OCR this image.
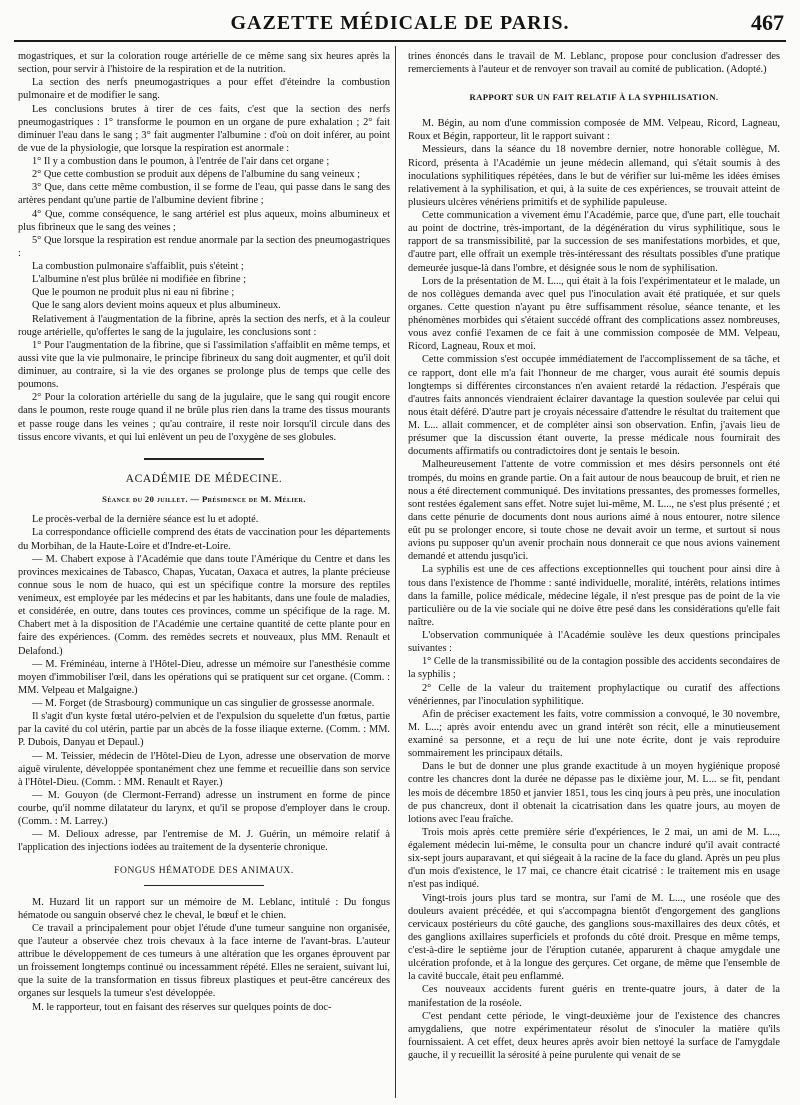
GAZETTE MÉDICALE DE PARIS.	467

mogastriques, et sur la coloration rouge artérielle de ce même sang six heures après la section, pour servir à l'histoire de la respiration et de la nutrition.

La section des nerfs pneumogastriques a pour effet d'éteindre la combustion pulmonaire et de modifier le sang.

Les conclusions brutes à tirer de ces faits, c'est que la section des nerfs pneumogastriques : 1° transforme le poumon en un organe de pure exhalation ; 2° fait diminuer l'eau dans le sang ; 3° fait augmenter l'albumine : d'où on doit inférer, au point de vue de la physiologie, que lorsque la respiration est anormale :

1° Il y a combustion dans le poumon, à l'entrée de l'air dans cet organe ;

2° Que cette combustion se produit aux dépens de l'albumine du sang veineux ;

3° Que, dans cette même combustion, il se forme de l'eau, qui passe dans le sang des artères pendant qu'une partie de l'albumine devient fibrine ;

4° Que, comme conséquence, le sang artériel est plus aqueux, moins albumineux et plus fibrineux que le sang des veines ;

5° Que lorsque la respiration est rendue anormale par la section des pneumogastriques :

La combustion pulmonaire s'affaiblit, puis s'éteint ;

L'albumine n'est plus brûlée ni modifiée en fibrine ;

Que le poumon ne produit plus ni eau ni fibrine ;

Que le sang alors devient moins aqueux et plus albumineux.

Relativement à l'augmentation de la fibrine, après la section des nerfs, et à la couleur rouge artérielle, qu'offertes le sang de la jugulaire, les conclusions sont :

1° Pour l'augmentation de la fibrine, que si l'assimilation s'affaiblit en même temps, et aussi vite que la vie pulmonaire, le principe fibrineux du sang doit augmenter, et qu'il doit diminuer, au contraire, si la vie des organes se prolonge plus de temps que celle des poumons.

2° Pour la coloration artérielle du sang de la jugulaire, que le sang qui rougit encore dans le poumon, reste rouge quand il ne brûle plus rien dans la trame des tissus mourants et passe rouge dans les veines ; qu'au contraire, il reste noir lorsqu'il circule dans des tissus encore vivants, et qui lui enlèvent un peu de l'oxygène de ses globules.

ACADÉMIE DE MÉDECINE.
Séance du 20 juillet. — Présidence de M. Mélier.

Le procès-verbal de la dernière séance est lu et adopté.

La correspondance officielle comprend des états de vaccination pour les départements du Morbihan, de la Haute-Loire et d'Indre-et-Loire.

— M. Chabert expose à l'Académie que dans toute l'Amérique du Centre et dans les provinces mexicaines de Tabasco, Chapas, Yucatan, Oaxaca et autres, la plante précieuse connue sous le nom de huaco, qui est un spécifique contre la morsure des reptiles venimeux, est employée par les médecins et par les habitants, dans une foule de maladies, et considérée, en outre, dans toutes ces provinces, comme un spécifique de la rage. M. Chabert met à la disposition de l'Académie une certaine quantité de cette plante pour en faire des expériences. (Comm. des remèdes secrets et nouveaux, plus MM. Renault et Delafond.)

— M. Fréminéau, interne à l'Hôtel-Dieu, adresse un mémoire sur l'anesthésie comme moyen d'immobiliser l'œil, dans les opérations qui se pratiquent sur cet organe. (Comm. : MM. Velpeau et Malgaigne.)

— M. Forget (de Strasbourg) communique un cas singulier de grossesse anormale.

Il s'agit d'un kyste fœtal utéro-pelvien et de l'expulsion du squelette d'un fœtus, partie par la cavité du col utérin, partie par un abcès de la fosse iliaque externe. (Comm. : MM. P. Dubois, Danyau et Depaul.)

— M. Teissier, médecin de l'Hôtel-Dieu de Lyon, adresse une observation de morve aiguë virulente, développée spontanément chez une femme et recueillie dans son service à l'Hôtel-Dieu. (Comm. : MM. Renault et Rayer.)

— M. Gouyon (de Clermont-Ferrand) adresse un instrument en forme de pince courbe, qu'il nomme dilatateur du larynx, et qu'il se propose d'employer dans le croup. (Comm. : M. Larrey.)

— M. Delioux adresse, par l'entremise de M. J. Guérin, un mémoire relatif à l'application des injections iodées au traitement de la dysenterie chronique.

FONGUS HÉMATODE DES ANIMAUX.

M. Huzard lit un rapport sur un mémoire de M. Leblanc, intitulé : Du fongus hématode ou sanguin observé chez le cheval, le bœuf et le chien.

Ce travail a principalement pour objet l'étude d'une tumeur sanguine non organisée, que l'auteur a observée chez trois chevaux à la face interne de l'avant-bras. L'auteur attribue le développement de ces tumeurs à une altération que les organes éprouvent par un froissement longtemps continué ou incessamment répété. Elles ne seraient, suivant lui, que la suite de la transformation en tissus fibreux plastiques et peut-être cancéreux des organes sur lesquels la tumeur s'est développée.

M. le rapporteur, tout en faisant des réserves sur quelques points de doc-

trines énoncés dans le travail de M. Leblanc, propose pour conclusion d'adresser des remerciements à l'auteur et de renvoyer son travail au comité de publication. (Adopté.)

RAPPORT SUR UN FAIT RELATIF À LA SYPHILISATION.

M. Bégin, au nom d'une commission composée de MM. Velpeau, Ricord, Lagneau, Roux et Bégin, rapporteur, lit le rapport suivant :

Messieurs, dans la séance du 18 novembre dernier, notre honorable collègue, M. Ricord, présenta à l'Académie un jeune médecin allemand, qui s'était soumis à des inoculations syphilitiques répétées, dans le but de vérifier sur lui-même les idées émises relativement à la syphilisation, et qui, à la suite de ces expériences, se trouvait atteint de plusieurs ulcères vénériens primitifs et de syphilide papuleuse.

Cette communication a vivement ému l'Académie, parce que, d'une part, elle touchait au point de doctrine, très-important, de la dégénération du virus syphilitique, sous le rapport de sa transmissibilité, par la succession de ses manifestations morbides, et que, d'autre part, elle offrait un exemple très-intéressant des résultats possibles d'une pratique demeurée jusque-là dans l'ombre, et désignée sous le nom de syphilisation.

Lors de la présentation de M. L..., qui était à la fois l'expérimentateur et le malade, un de nos collègues demanda avec quel pus l'inoculation avait été pratiquée, et sur quels organes. Cette question n'ayant pu être suffisamment résolue, séance tenante, et les phénomènes morbides qui s'étaient succédé offrant des complications assez nombreuses, vous avez confié l'examen de ce fait à une commission composée de MM. Velpeau, Ricord, Lagneau, Roux et moi.

Cette commission s'est occupée immédiatement de l'accomplissement de sa tâche, et ce rapport, dont elle m'a fait l'honneur de me charger, vous aurait été soumis depuis longtemps si différentes circonstances n'en avaient retardé la rédaction. J'espérais que d'autres faits annoncés viendraient éclairer davantage la question soulevée par celui qui nous était déféré. D'autre part je croyais nécessaire d'attendre le résultat du traitement que M. L... allait commencer, et de compléter ainsi son observation. Enfin, j'avais lieu de présumer que la discussion étant ouverte, la presse médicale nous fournirait des documents affirmatifs ou contradictoires dont je sentais le besoin.

Malheureusement l'attente de votre commission et mes désirs personnels ont été trompés, du moins en grande partie. On a fait autour de nous beaucoup de bruit, et rien ne nous a été directement communiqué. Des invitations pressantes, des promesses formelles, sont restées également sans effet. Notre sujet lui-même, M. L..., ne s'est plus présenté ; et dans cette pénurie de documents dont nous aurions aimé à nous entourer, notre silence eût pu se prolonger encore, si toute chose ne devait avoir un terme, et surtout si nous avions pu supposer qu'un avenir prochain nous donnerait ce que nous avions vainement demandé et attendu jusqu'ici.

La syphilis est une de ces affections exceptionnelles qui touchent pour ainsi dire à tous dans l'existence de l'homme : santé individuelle, moralité, intérêts, relations intimes dans la famille, police médicale, médecine légale, il n'est presque pas de point de la vie particulière ou de la vie sociale qui ne doive être pesé dans les considérations qu'elle fait naître.

L'observation communiquée à l'Académie soulève les deux questions principales suivantes :

1° Celle de la transmissibilité ou de la contagion possible des accidents secondaires de la syphilis ;

2° Celle de la valeur du traitement prophylactique ou curatif des affections vénériennes, par l'inoculation syphilitique.

Afin de préciser exactement les faits, votre commission a convoqué, le 30 novembre, M. L...; après avoir entendu avec un grand intérêt son récit, elle a minutieusement examiné sa personne, et a reçu de lui une note écrite, dont je vais reproduire sommairement les principaux détails.

Dans le but de donner une plus grande exactitude à un moyen hygiénique proposé contre les chancres dont la durée ne dépasse pas le dixième jour, M. L... se fit, pendant les mois de décembre 1850 et janvier 1851, tous les cinq jours à peu près, une inoculation de pus chancreux, dont il obtenait la cicatrisation dans les quatre jours, au moyen de lotions avec l'eau fraîche.

Trois mois après cette première série d'expériences, le 2 mai, un ami de M. L..., également médecin lui-même, le consulta pour un chancre induré qu'il avait contracté six-sept jours auparavant, et qui siégeait à la racine de la face du gland. Après un peu plus d'un mois d'existence, le 17 mai, ce chancre était cicatrisé : le traitement mis en usage n'est pas indiqué.

Vingt-trois jours plus tard se montra, sur l'ami de M. L..., une roséole que des douleurs avaient précédée, et qui s'accompagna bientôt d'engorgement des ganglions cervicaux postérieurs du côté gauche, des ganglions sous-maxillaires des deux côtés, et des ganglions axillaires superficiels et profonds du côté droit. Presque en même temps, c'est-à-dire le septième jour de l'éruption cutanée, apparurent à chaque amygdale une ulcération profonde, et à la longue des gerçures. Cet organe, de même que l'ensemble de la cavité buccale, était peu enflammé.

Ces nouveaux accidents furent guéris en trente-quatre jours, à dater de la manifestation de la roséole.

C'est pendant cette période, le vingt-deuxième jour de l'existence des chancres amygdaliens, que notre expérimentateur résolut de s'inoculer la matière qu'ils fournissaient. A cet effet, deux heures après avoir bien nettoyé la surface de l'amygdale gauche, il y recueillit la sérosité à peine purulente qui venait de se
